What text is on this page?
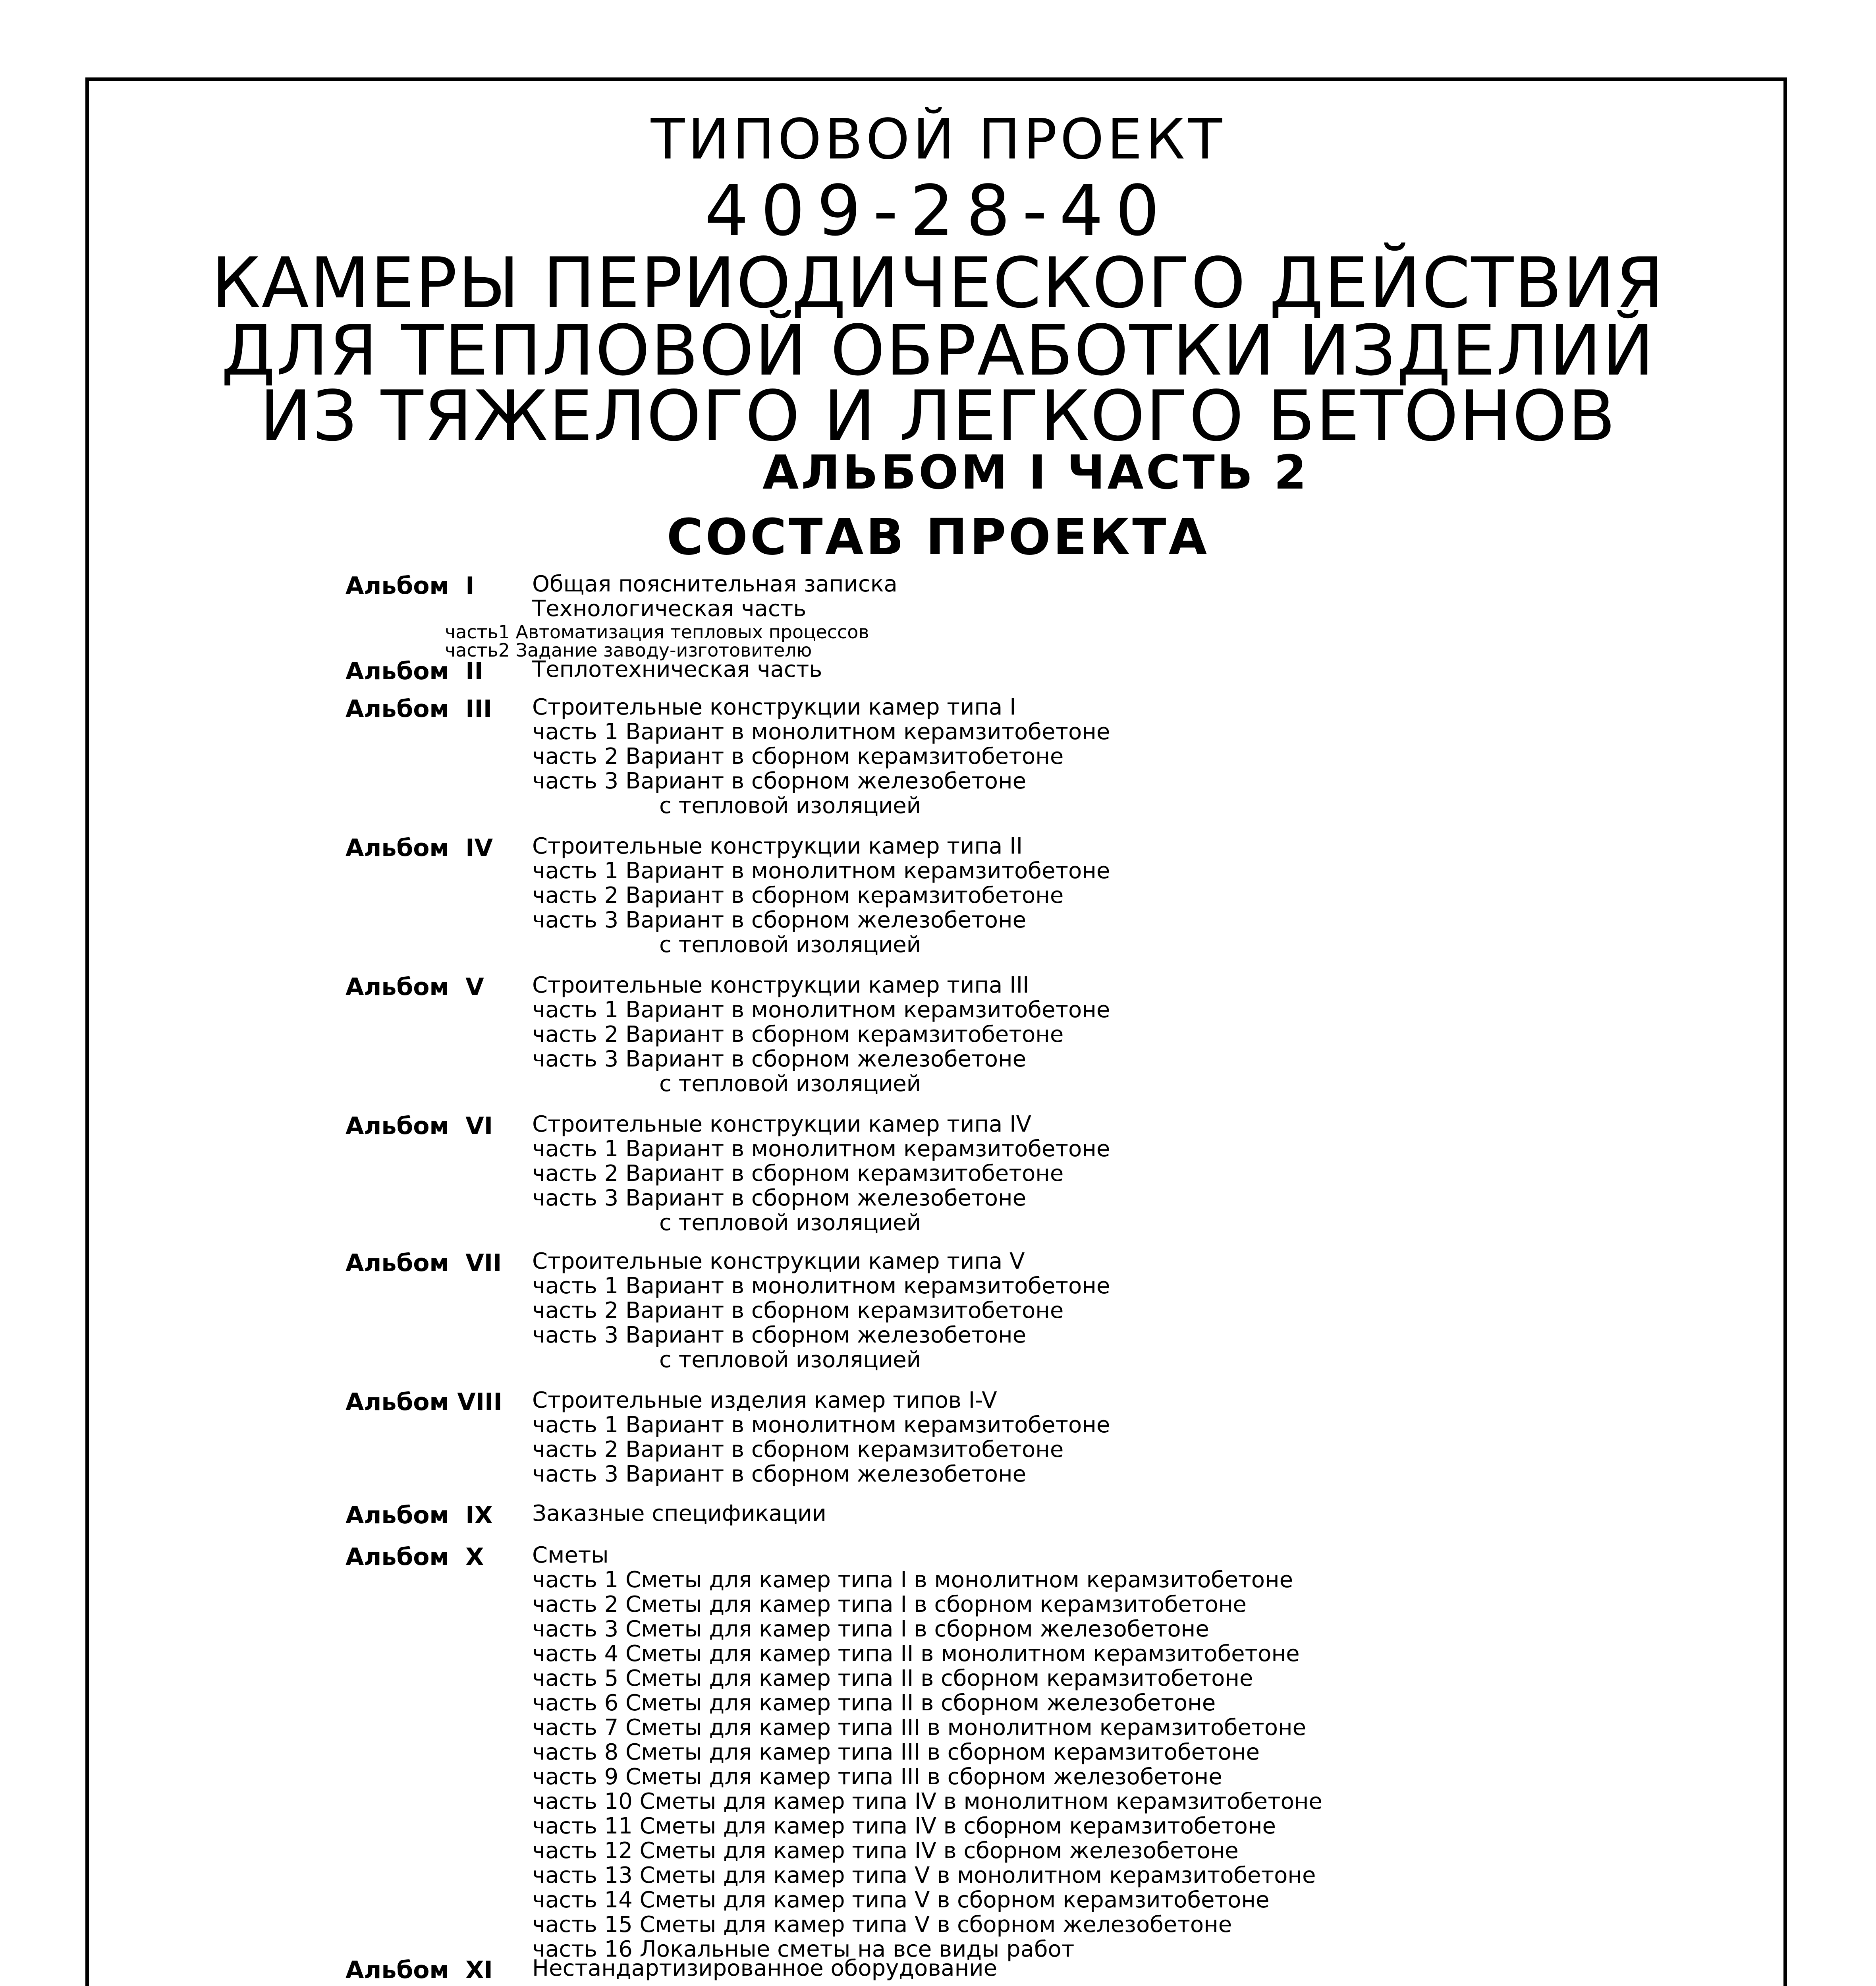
ТИПОВОЙ ПРОЕКТ
409-28-40
КАМЕРЫ ПЕРИОДИЧЕСКОГО ДЕЙСТВИЯ
ДЛЯ ТЕПЛОВОЙ ОБРАБОТКИ ИЗДЕЛИЙ
ИЗ ТЯЖЕЛОГО И ЛЕГКОГО БЕТОНОВ
АЛЬБОМ I ЧАСТЬ 2
СОСТАВ ПРОЕКТА
Альбом  I	Общая пояснительная записка
Технологическая часть
часть1 Автоматизация тепловых процессов
часть2 Задание заводу-изготовителю
Альбом  II Теплотехническая часть
Альбом  III Строительные конструкции камер типа I
часть 1 Вариант в монолитном керамзитобетоне
часть 2 Вариант в сборном керамзитобетоне
часть 3 Вариант в сборном железобетоне
с тепловой изоляцией
Альбом  IV Строительные конструкции камер типа II
часть 1 Вариант в монолитном керамзитобетоне
часть 2 Вариант в сборном керамзитобетоне
часть 3 Вариант в сборном железобетоне
с тепловой изоляцией
Альбом  V Строительные конструкции камер типа III
часть 1 Вариант в монолитном керамзитобетоне
часть 2 Вариант в сборном керамзитобетоне
часть 3 Вариант в сборном железобетоне
с тепловой изоляцией
Альбом  VI Строительные конструкции камер типа IV
часть 1 Вариант в монолитном керамзитобетоне
часть 2 Вариант в сборном керамзитобетоне
часть 3 Вариант в сборном железобетоне
с тепловой изоляцией
Альбом  VII Строительные конструкции камер типа V
часть 1 Вариант в монолитном керамзитобетоне
часть 2 Вариант в сборном керамзитобетоне
часть 3 Вариант в сборном железобетоне
с тепловой изоляцией
Альбом VIII Строительные изделия камер типов I-V
часть 1 Вариант в монолитном керамзитобетоне
часть 2 Вариант в сборном керамзитобетоне
часть 3 Вариант в сборном железобетоне
Альбом  IX Заказные спецификации
Альбом  X Сметы
часть 1 Сметы для камер типа I в монолитном керамзитобетоне
часть 2 Сметы для камер типа I в сборном керамзитобетоне
часть 3 Сметы для камер типа I в сборном железобетоне
часть 4 Сметы для камер типа II в монолитном керамзитобетоне
часть 5 Сметы для камер типа II в сборном керамзитобетоне
часть 6 Сметы для камер типа II в сборном железобетоне
часть 7 Сметы для камер типа III в монолитном керамзитобетоне
часть 8 Сметы для камер типа III в сборном керамзитобетоне
часть 9 Сметы для камер типа III в сборном железобетоне
часть 10 Сметы для камер типа IV в монолитном керамзитобетоне
часть 11 Сметы для камер типа IV в сборном керамзитобетоне
часть 12 Сметы для камер типа IV в сборном железобетоне
часть 13 Сметы для камер типа V в монолитном керамзитобетоне
часть 14 Сметы для камер типа V в сборном керамзитобетоне
часть 15 Сметы для камер типа V в сборном железобетоне
часть 16 Локальные сметы на все виды работ
Альбом  XI Нестандартизированное оборудование
